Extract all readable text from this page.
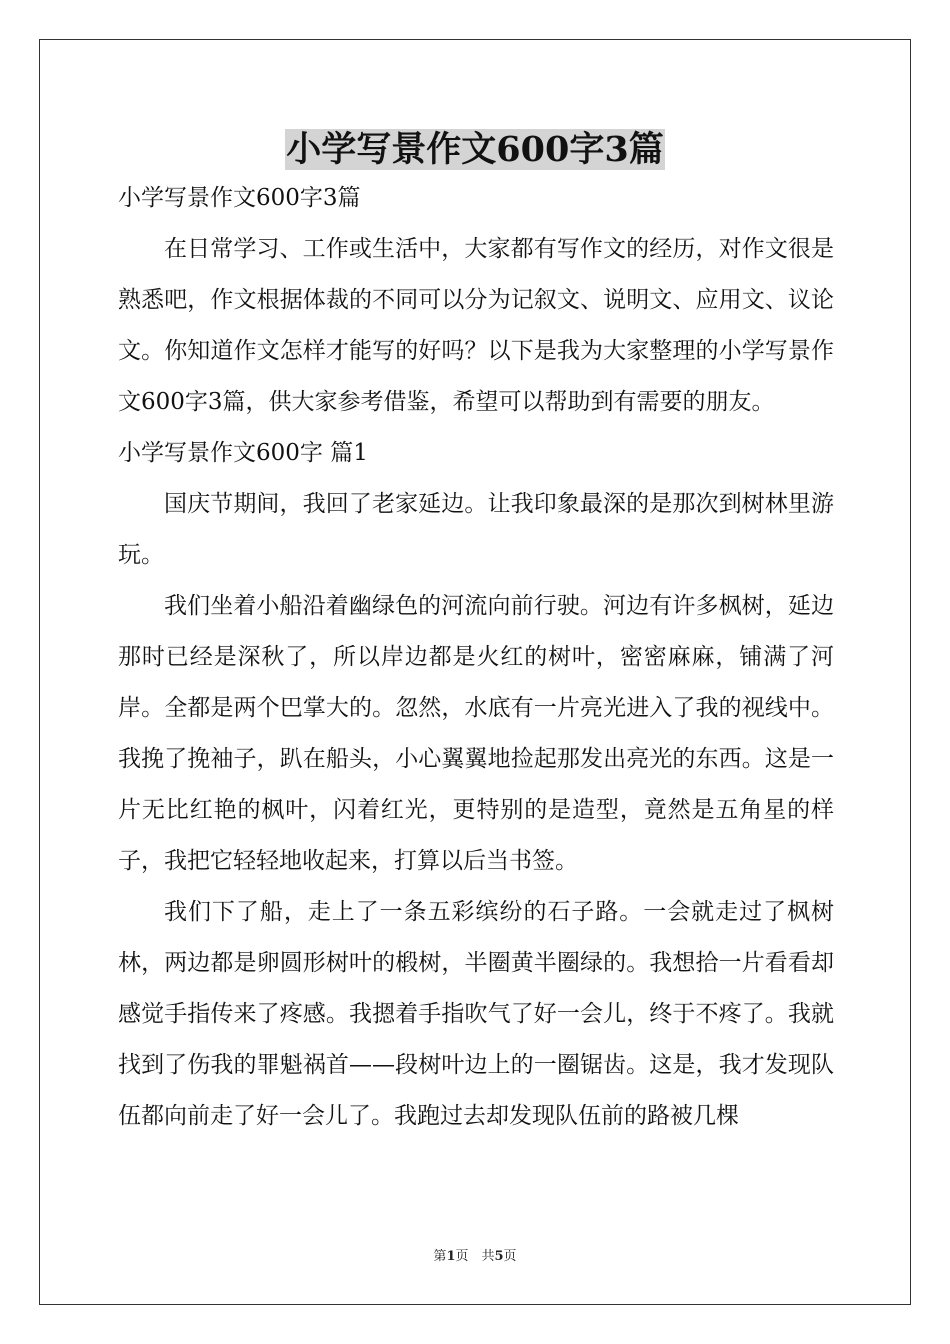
小学写景作文600字3篇

小学写景作文600字3篇

在日常学习、工作或生活中，大家都有写作文的经历，对作文很是熟悉吧，作文根据体裁的不同可以分为记叙文、说明文、应用文、议论文。你知道作文怎样才能写的好吗？以下是我为大家整理的小学写景作文600字3篇，供大家参考借鉴，希望可以帮助到有需要的朋友。

小学写景作文600字 篇1

国庆节期间，我回了老家延边。让我印象最深的是那次到树林里游玩。

我们坐着小船沿着幽绿色的河流向前行驶。河边有许多枫树，延边那时已经是深秋了，所以岸边都是火红的树叶，密密麻麻，铺满了河岸。全都是两个巴掌大的。忽然，水底有一片亮光进入了我的视线中。我挽了挽袖子，趴在船头，小心翼翼地捡起那发出亮光的东西。这是一片无比红艳的枫叶，闪着红光，更特别的是造型，竟然是五角星的样子，我把它轻轻地收起来，打算以后当书签。

我们下了船，走上了一条五彩缤纷的石子路。一会就走过了枫树林，两边都是卵圆形树叶的椴树，半圈黄半圈绿的。我想拾一片看看却感觉手指传来了疼感。我摁着手指吹气了好一会儿，终于不疼了。我就找到了伤我的罪魁祸首——段树叶边上的一圈锯齿。这是，我才发现队伍都向前走了好一会儿了。我跑过去却发现队伍前的路被几棵

第1页　共5页
